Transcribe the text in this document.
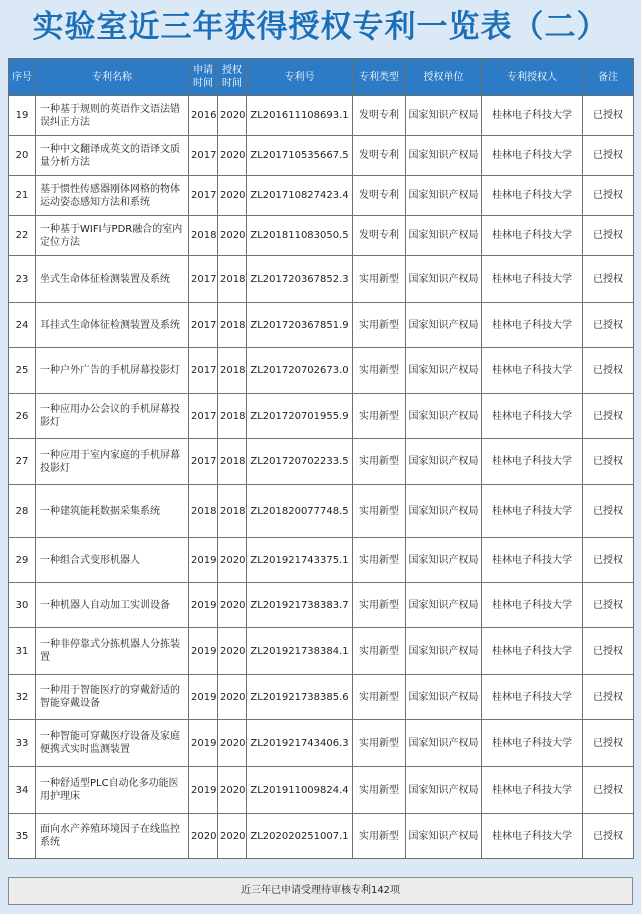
实验室近三年获得授权专利一览表（二）
序号	专利名称	申请时间	授权时间	专利号	专利类型	授权单位	专利授权人	备注
19	一种基于规则的英语作文语法错误纠正方法	2016	2020	ZL201611108693.1	发明专利	国家知识产权局	桂林电子科技大学	已授权
20	一种中文翻译成英文的语译文质量分析方法	2017	2020	ZL201710535667.5	发明专利	国家知识产权局	桂林电子科技大学	已授权
21	基于惯性传感器刚体网格的物体运动姿态感知方法和系统	2017	2020	ZL201710827423.4	发明专利	国家知识产权局	桂林电子科技大学	已授权
22	一种基于WIFI与PDR融合的室内定位方法	2018	2020	ZL201811083050.5	发明专利	国家知识产权局	桂林电子科技大学	已授权
23	坐式生命体征检测装置及系统	2017	2018	ZL201720367852.3	实用新型	国家知识产权局	桂林电子科技大学	已授权
24	耳挂式生命体征检测装置及系统	2017	2018	ZL201720367851.9	实用新型	国家知识产权局	桂林电子科技大学	已授权
25	一种户外广告的手机屏幕投影灯	2017	2018	ZL201720702673.0	实用新型	国家知识产权局	桂林电子科技大学	已授权
26	一种应用办公会议的手机屏幕投影灯	2017	2018	ZL201720701955.9	实用新型	国家知识产权局	桂林电子科技大学	已授权
27	一种应用于室内家庭的手机屏幕投影灯	2017	2018	ZL201720702233.5	实用新型	国家知识产权局	桂林电子科技大学	已授权
28	一种建筑能耗数据采集系统	2018	2018	ZL201820077748.5	实用新型	国家知识产权局	桂林电子科技大学	已授权
29	一种组合式变形机器人	2019	2020	ZL201921743375.1	实用新型	国家知识产权局	桂林电子科技大学	已授权
30	一种机器人自动加工实训设备	2019	2020	ZL201921738383.7	实用新型	国家知识产权局	桂林电子科技大学	已授权
31	一种非停靠式分拣机器人分拣装置	2019	2020	ZL201921738384.1	实用新型	国家知识产权局	桂林电子科技大学	已授权
32	一种用于智能医疗的穿戴舒适的智能穿戴设备	2019	2020	ZL201921738385.6	实用新型	国家知识产权局	桂林电子科技大学	已授权
33	一种智能可穿戴医疗设备及家庭便携式实时监测装置	2019	2020	ZL201921743406.3	实用新型	国家知识产权局	桂林电子科技大学	已授权
34	一种舒适型PLC自动化多功能医用护理床	2019	2020	ZL201911009824.4	实用新型	国家知识产权局	桂林电子科技大学	已授权
35	面向水产养殖环境因子在线监控系统	2020	2020	ZL202020251007.1	实用新型	国家知识产权局	桂林电子科技大学	已授权
近三年已申请受理待审核专利142项
